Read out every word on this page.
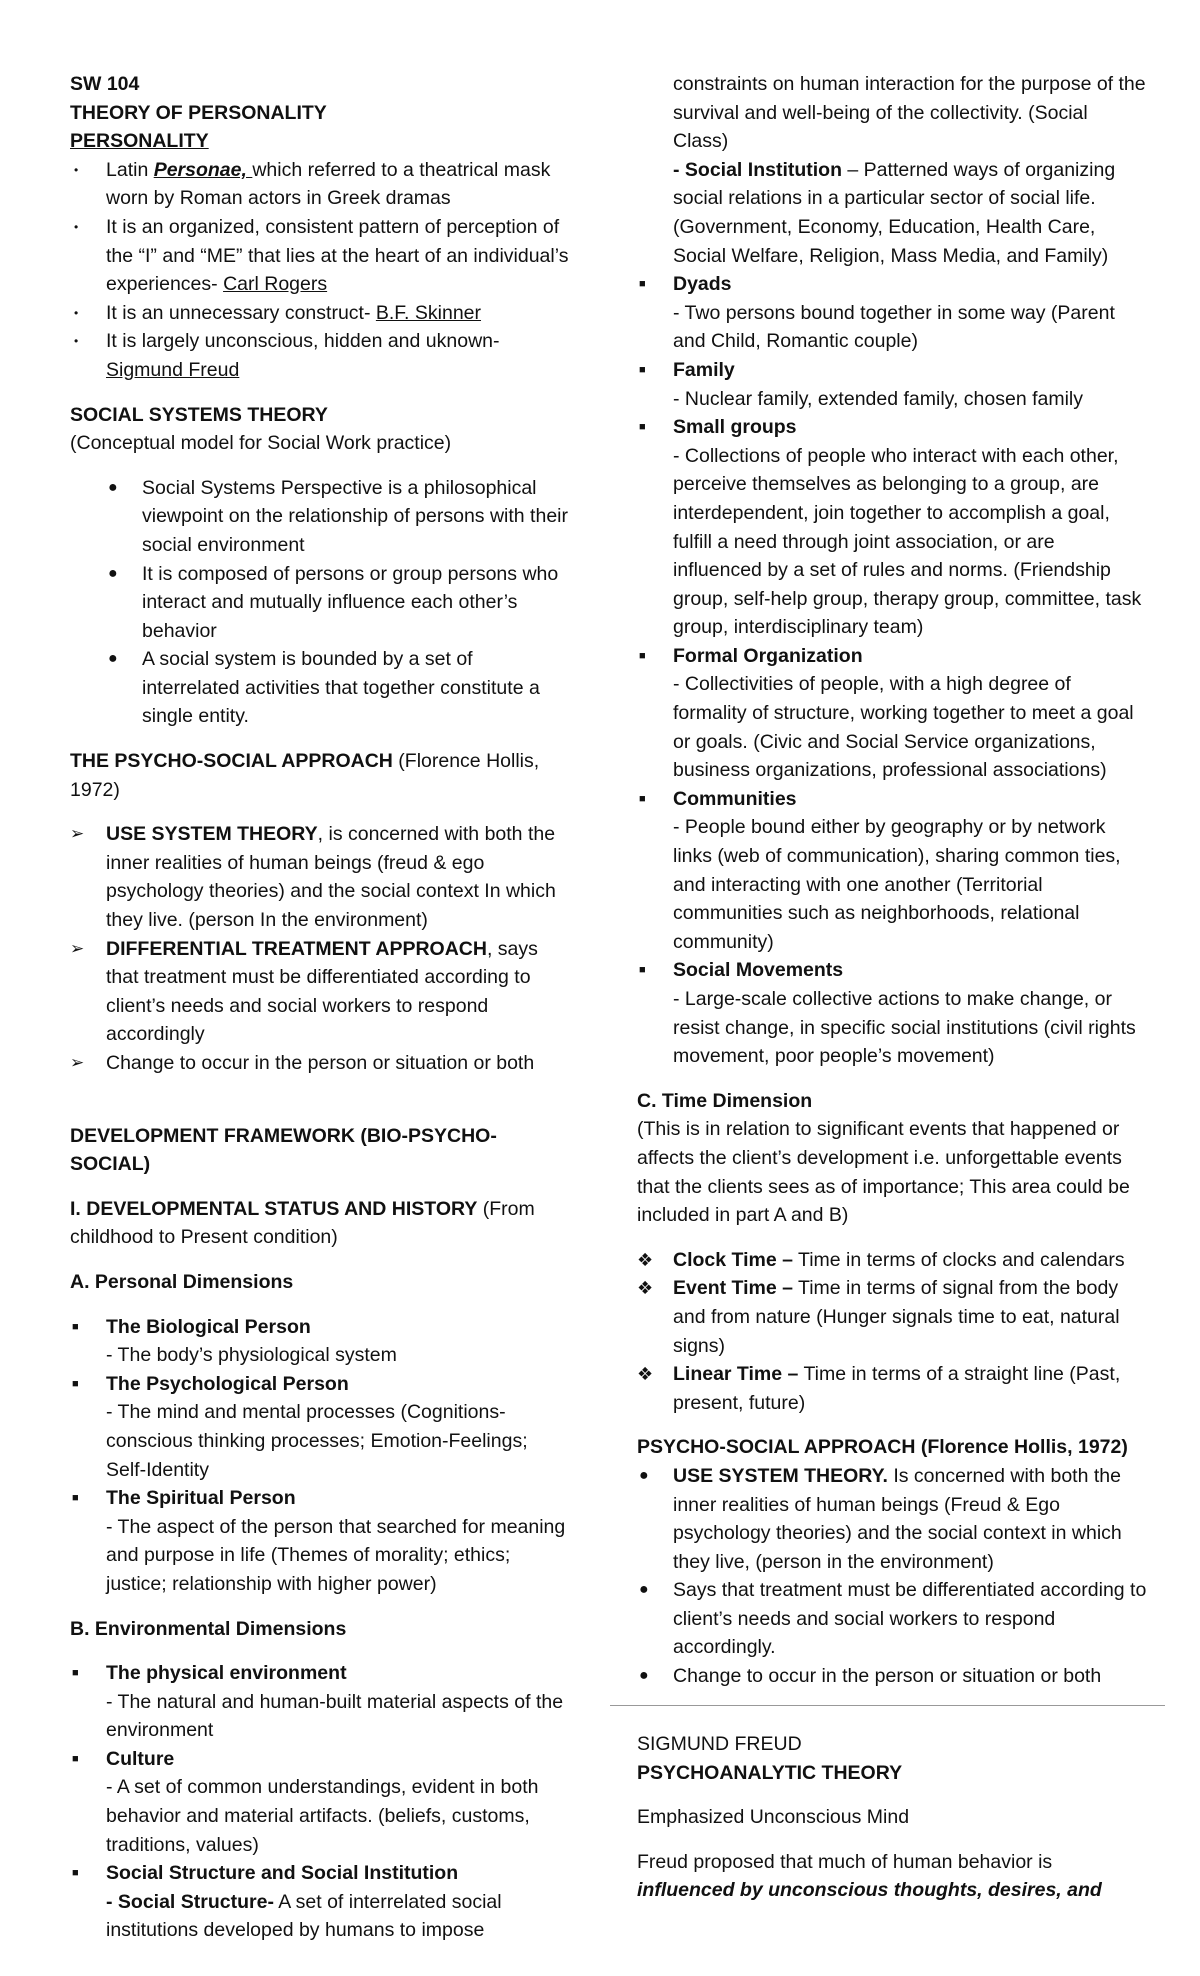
SW 104

THEORY OF PERSONALITY

PERSONALITY

•	Latin Personae, which referred to a theatrical mask worn by Roman actors in Greek dramas
•	It is an organized, consistent pattern of perception of the “I” and “ME” that lies at the heart of an individual’s experiences- Carl Rogers
•	It is an unnecessary construct- B.F. Skinner
•	It is largely unconscious, hidden and uknown- Sigmund Freud

SOCIAL SYSTEMS THEORY

(Conceptual model for Social Work practice)

●	Social Systems Perspective is a philosophical viewpoint on the relationship of persons with their social environment
●	It is composed of persons or group persons who interact and mutually influence each other’s behavior
●	A social system is bounded by a set of interrelated activities that together constitute a single entity.

THE PSYCHO-SOCIAL APPROACH (Florence Hollis, 1972)

➢	USE SYSTEM THEORY, is concerned with both the inner realities of human beings (freud & ego psychology theories) and the social context In which they live. (person In the environment)
➢	DIFFERENTIAL TREATMENT APPROACH, says that treatment must be differentiated according to client’s needs and social workers to respond accordingly
➢	Change to occur in the person or situation or both

DEVELOPMENT FRAMEWORK (BIO-PSYCHO-SOCIAL)

I. DEVELOPMENTAL STATUS AND HISTORY (From childhood to Present condition)

A. Personal Dimensions

■	The Biological Person
- The body’s physiological system
■	The Psychological Person
- The mind and mental processes (Cognitions-conscious thinking processes; Emotion-Feelings; Self-Identity
■	The Spiritual Person
- The aspect of the person that searched for meaning and purpose in life (Themes of morality; ethics; justice; relationship with higher power)

B. Environmental Dimensions

■	The physical environment
- The natural and human-built material aspects of the environment
■	Culture
- A set of common understandings, evident in both behavior and material artifacts. (beliefs, customs, traditions, values)
■	Social Structure and Social Institution
- Social Structure- A set of interrelated social institutions developed by humans to impose
constraints on human interaction for the purpose of the survival and well-being of the collectivity. (Social Class)
- Social Institution – Patterned ways of organizing social relations in a particular sector of social life. (Government, Economy, Education, Health Care, Social Welfare, Religion, Mass Media, and Family)
■	Dyads
- Two persons bound together in some way (Parent and Child, Romantic couple)
■	Family
- Nuclear family, extended family, chosen family
■	Small groups
- Collections of people who interact with each other, perceive themselves as belonging to a group, are interdependent, join together to accomplish a goal, fulfill a need through joint association, or are influenced by a set of rules and norms. (Friendship group, self-help group, therapy group, committee, task group, interdisciplinary team)
■	Formal Organization
- Collectivities of people, with a high degree of formality of structure, working together to meet a goal or goals. (Civic and Social Service organizations, business organizations, professional associations)
■	Communities
- People bound either by geography or by network links (web of communication), sharing common ties, and interacting with one another (Territorial communities such as neighborhoods, relational community)
■	Social Movements
- Large-scale collective actions to make change, or resist change, in specific social institutions (civil rights movement, poor people’s movement)

C. Time Dimension

(This is in relation to significant events that happened or affects the client’s development i.e. unforgettable events that the clients sees as of importance; This area could be included in part A and B)

❖	Clock Time – Time in terms of clocks and calendars
❖	Event Time – Time in terms of signal from the body and from nature (Hunger signals time to eat, natural signs)
❖	Linear Time – Time in terms of a straight line (Past, present, future)

PSYCHO-SOCIAL APPROACH (Florence Hollis, 1972)

●	USE SYSTEM THEORY. Is concerned with both the inner realities of human beings (Freud & Ego psychology theories) and the social context in which they live, (person in the environment)
●	Says that treatment must be differentiated according to client’s needs and social workers to respond accordingly.
●	Change to occur in the person or situation or both

SIGMUND FREUD

PSYCHOANALYTIC THEORY

Emphasized Unconscious Mind

Freud proposed that much of human behavior is influenced by unconscious thoughts, desires, and
